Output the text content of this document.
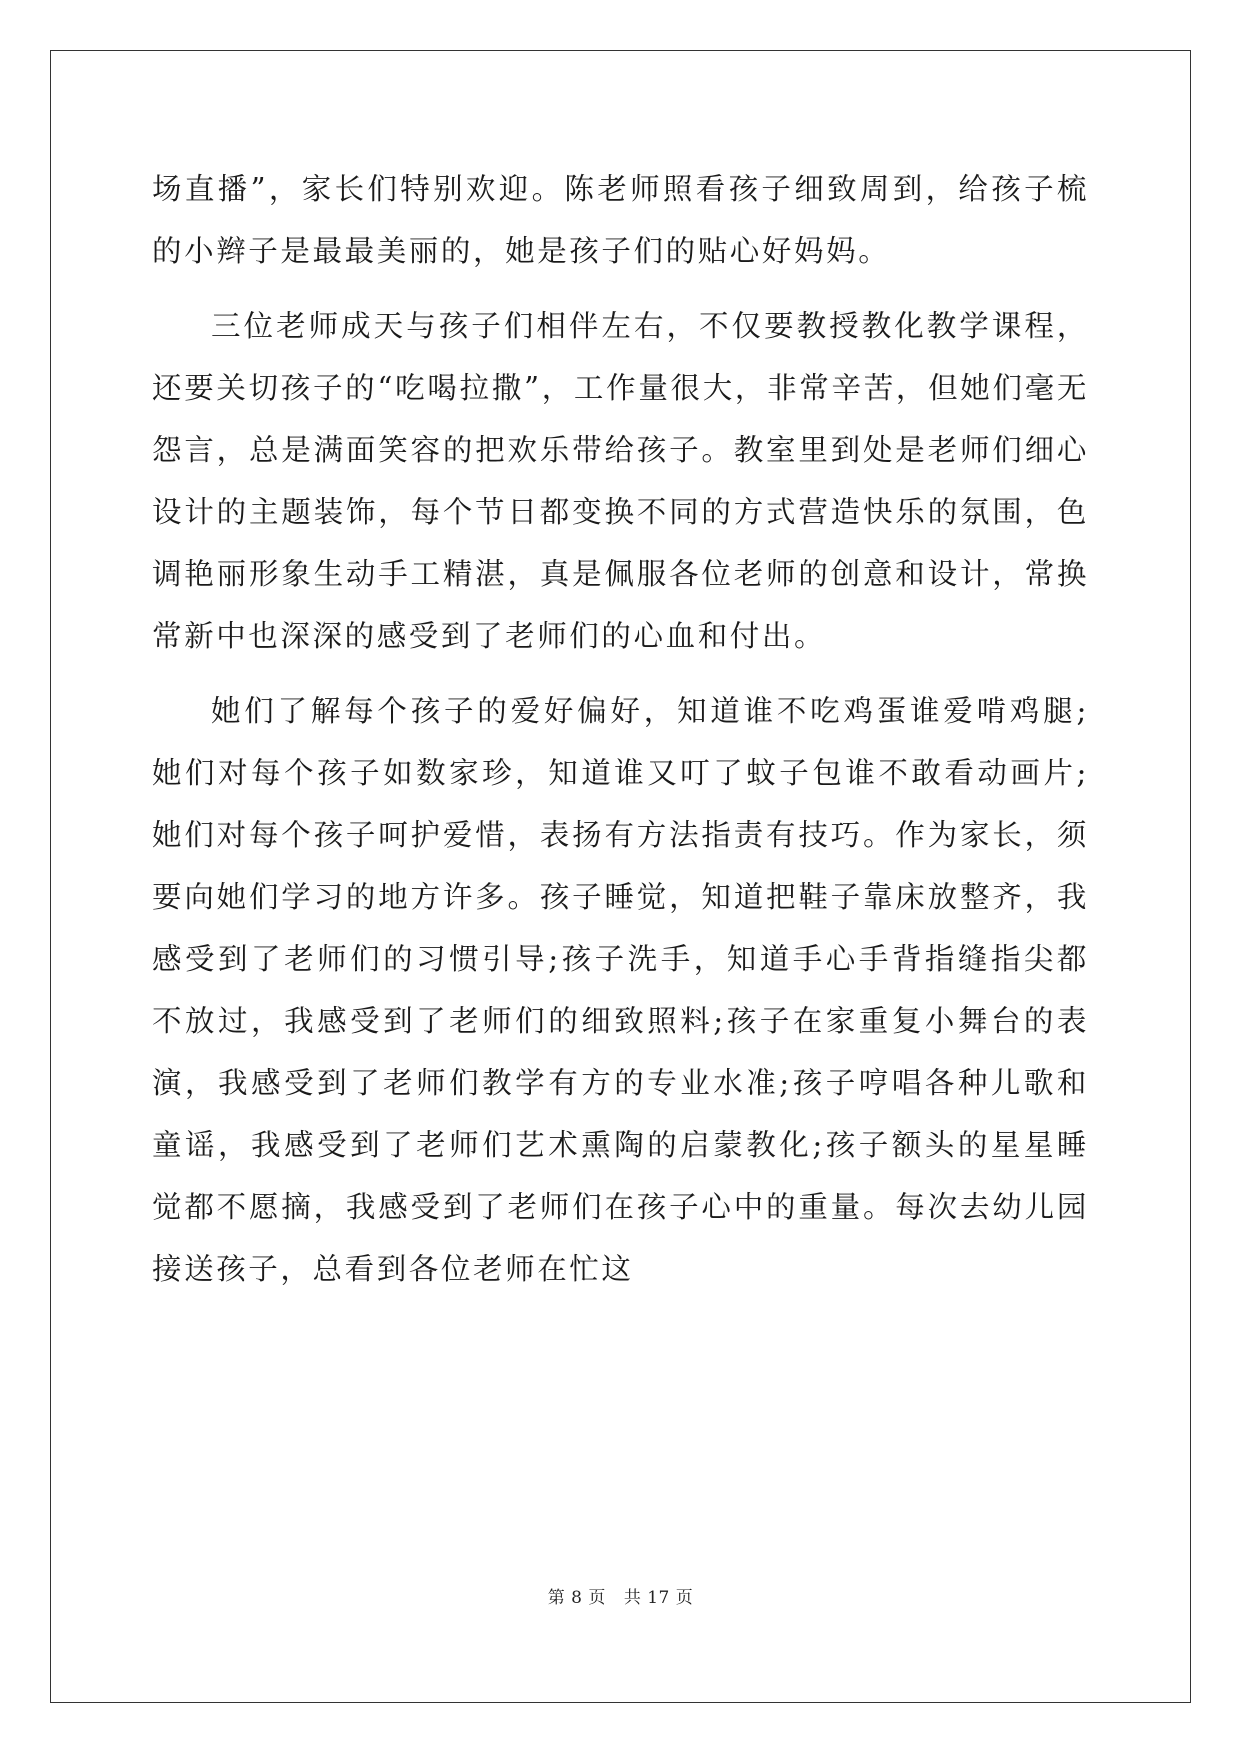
场直播”，家长们特别欢迎。陈老师照看孩子细致周到，给孩子梳的小辫子是最最美丽的，她是孩子们的贴心好妈妈。

三位老师成天与孩子们相伴左右，不仅要教授教化教学课程，还要关切孩子的“吃喝拉撒”，工作量很大，非常辛苦，但她们毫无怨言，总是满面笑容的把欢乐带给孩子。教室里到处是老师们细心设计的主题装饰，每个节日都变换不同的方式营造快乐的氛围，色调艳丽形象生动手工精湛，真是佩服各位老师的创意和设计，常换常新中也深深的感受到了老师们的心血和付出。

她们了解每个孩子的爱好偏好，知道谁不吃鸡蛋谁爱啃鸡腿;她们对每个孩子如数家珍，知道谁又叮了蚊子包谁不敢看动画片;她们对每个孩子呵护爱惜，表扬有方法指责有技巧。作为家长，须要向她们学习的地方许多。孩子睡觉，知道把鞋子靠床放整齐，我感受到了老师们的习惯引导;孩子洗手，知道手心手背指缝指尖都不放过，我感受到了老师们的细致照料;孩子在家重复小舞台的表演，我感受到了老师们教学有方的专业水准;孩子哼唱各种儿歌和童谣，我感受到了老师们艺术熏陶的启蒙教化;孩子额头的星星睡觉都不愿摘，我感受到了老师们在孩子心中的重量。每次去幼儿园接送孩子，总看到各位老师在忙这

第 8 页 共 17 页
